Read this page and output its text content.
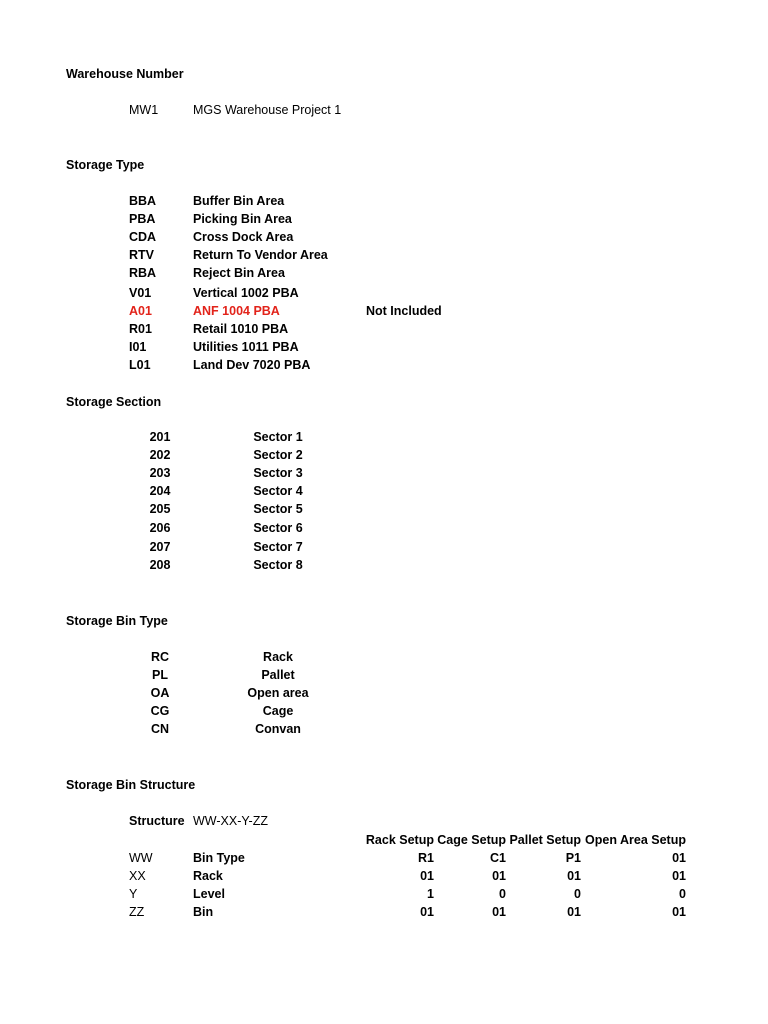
Warehouse Number
MW1	MGS Warehouse Project 1
Storage Type
BBA	Buffer Bin Area
PBA	Picking Bin Area
CDA	Cross Dock Area
RTV	Return To Vendor Area
RBA	Reject Bin Area
V01	Vertical 1002 PBA
A01	ANF 1004 PBA	Not Included
R01	Retail 1010 PBA
I01	Utilities 1011 PBA
L01	Land Dev 7020 PBA
Storage Section
201	Sector 1
202	Sector 2
203	Sector 3
204	Sector 4
205	Sector 5
206	Sector 6
207	Sector 7
208	Sector 8
Storage Bin Type
RC	Rack
PL	Pallet
OA	Open area
CG	Cage
CN	Convan
Storage Bin Structure
Structure WW-XX-Y-ZZ
Rack Setup Cage Setup Pallet Setup Open Area Setup
WW	Bin Type	R1	C1	P1	01
XX	Rack	01	01	01	01
Y	Level	1	0	0	0
ZZ	Bin	01	01	01	01
